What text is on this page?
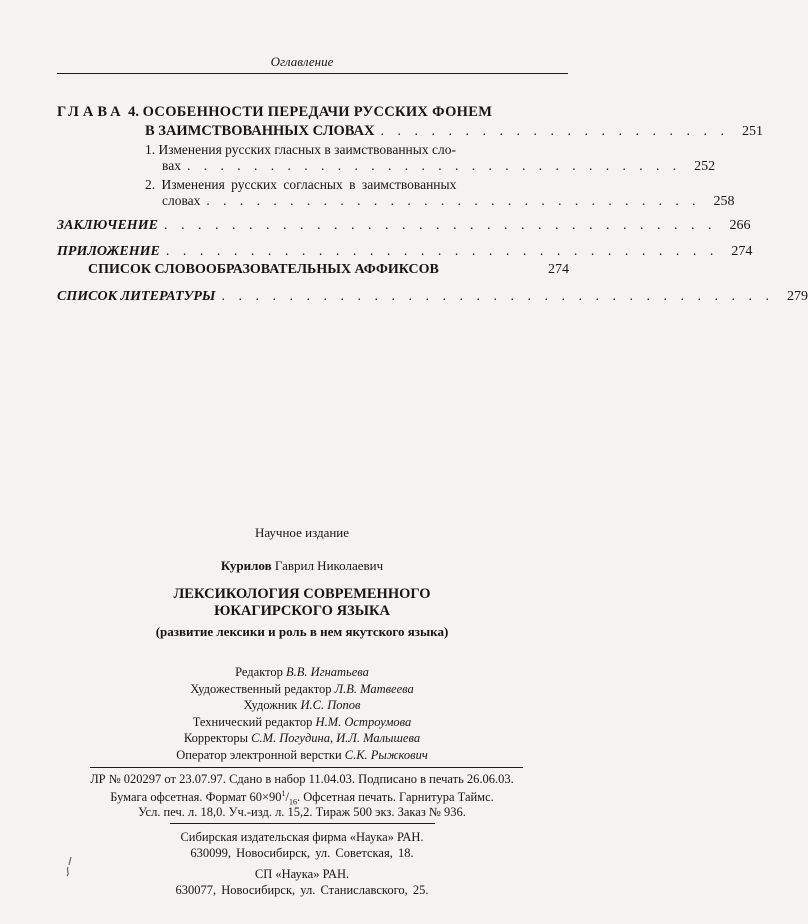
Оглавление
ГЛАВА 4. ОСОБЕННОСТИ ПЕРЕДАЧИ РУССКИХ ФОНЕМ
В ЗАИМСТВОВАННЫХ СЛОВАХ . . . . . . . . . . . . . . . . . . . . . 251
1. Изменения русских гласных в заимствованных сло-
вах . . . . . . . . . . . . . . . . . . . . . . . . . . . . . . 252
2. Изменения русских согласных в заимствованных
словах . . . . . . . . . . . . . . . . . . . . . . . . . . . . . . 258
ЗАКЛЮЧЕНИЕ . . . . . . . . . . . . . . . . . . . . . . . . . . . . . . . . . 266
ПРИЛОЖЕНИЕ . . . . . . . . . . . . . . . . . . . . . . . . . . . . . . . . . 274
СПИСОК СЛОВООБРАЗОВАТЕЛЬНЫХ АФФИКСОВ	274
СПИСОК ЛИТЕРАТУРЫ . . . . . . . . . . . . . . . . . . . . . . . . . . . . . . . . . 279
Научное издание
Курилов Гаврил Николаевич
ЛЕКСИКОЛОГИЯ СОВРЕМЕННОГО
ЮКАГИРСКОГО ЯЗЫКА
(развитие лексики и роль в нем якутского языка)
Редактор В.В. Игнатьева
Художественный редактор Л.В. Матвеева
Художник И.С. Попов
Технический редактор Н.М. Остроумова
Корректоры С.М. Погудина, И.Л. Малышева
Оператор электронной верстки С.К. Рыжкович
ЛР № 020297 от 23.07.97. Сдано в набор 11.04.03. Подписано в печать 26.06.03.
Бумага офсетная. Формат $60\times 90^1/_{16}$. Офсетная печать. Гарнитура Таймс.
Усл. печ. л. 18,0. Уч.-изд. л. 15,2. Тираж 500 экз. Заказ № 936.
Сибирская издательская фирма «Наука» РАН.
630099, Новосибирск, ул. Советская, 18.
СП «Наука» РАН.
630077, Новосибирск, ул. Станиславского, 25.
